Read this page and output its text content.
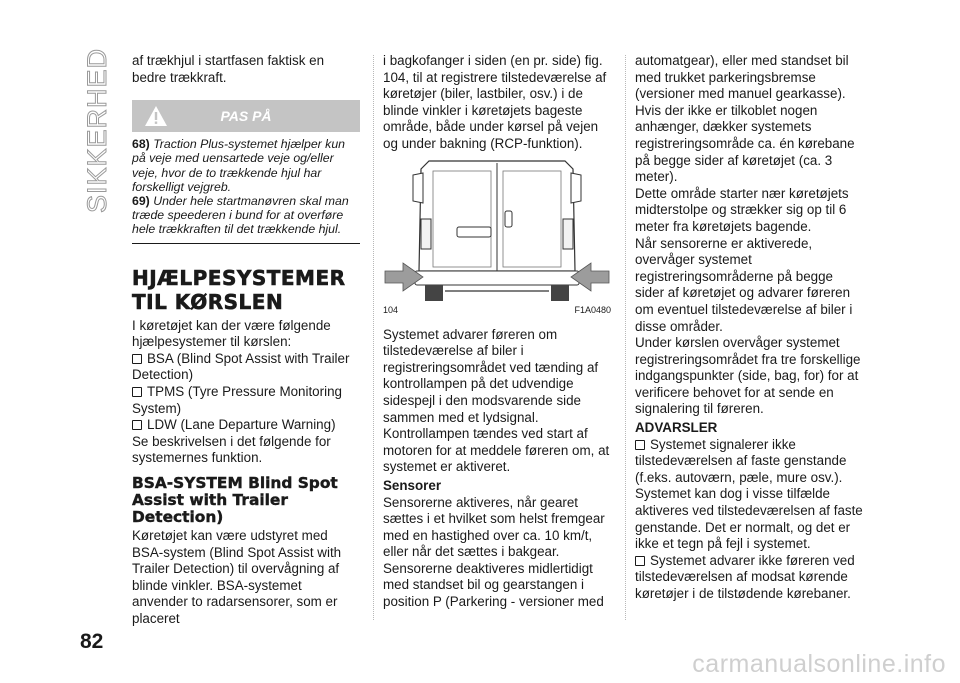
SIKKERHED af trækhjul i startfasen faktisk en bedre trækkraft.

PAS PÅ

68) Traction Plus-systemet hjælper kun på veje med uensartede veje og/eller veje, hvor de to trækkende hjul har forskelligt vejgreb.

69) Under hele startmanøvren skal man træde speederen i bund for at overføre hele trækkraften til det trækkende hjul.

HJÆLPESYSTEMER TIL KØRSLEN

I køretøjet kan der være følgende hjælpesystemer til kørslen:

BSA (Blind Spot Assist with Trailer Detection)

TPMS (Tyre Pressure Monitoring System)

LDW (Lane Departure Warning)

Se beskrivelsen i det følgende for systemernes funktion.

BSA-SYSTEM Blind Spot Assist with Trailer Detection)

Køretøjet kan være udstyret med BSA-system (Blind Spot Assist with Trailer Detection) til overvågning af blinde vinkler. BSA-systemet anvender to radarsensorer, som er placeret

i bagkofanger i siden (en pr. side) fig. 104, til at registrere tilstedeværelse af køretøjer (biler, lastbiler, osv.) i de blinde vinkler i køretøjets bageste område, både under kørsel på vejen og under bakning (RCP-funktion).

104	F1A0480

Systemet advarer føreren om tilstedeværelse af biler i registreringsområdet ved tænding af kontrollampen på det udvendige sidespejl i den modsvarende side sammen med et lydsignal. Kontrollampen tændes ved start af motoren for at meddele føreren om, at systemet er aktiveret.

Sensorer

Sensorerne aktiveres, når gearet sættes i et hvilket som helst fremgear med en hastighed over ca. 10 km/t, eller når det sættes i bakgear. Sensorerne deaktiveres midlertidigt med standset bil og gearstangen i position P (Parkering - versioner med

automatgear), eller med standset bil med trukket parkeringsbremse (versioner med manuel gearkasse).

Hvis der ikke er tilkoblet nogen anhænger, dækker systemets registreringsområde ca. én kørebane på begge sider af køretøjet (ca. 3 meter).

Dette område starter nær køretøjets midterstolpe og strækker sig op til 6 meter fra køretøjets bagende.

Når sensorerne er aktiverede, overvåger systemet registreringsområderne på begge sider af køretøjet og advarer føreren om eventuel tilstedeværelse af biler i disse områder.

Under kørslen overvåger systemet registreringsområdet fra tre forskellige indgangspunkter (side, bag, for) for at verificere behovet for at sende en signalering til føreren.

ADVARSLER

Systemet signalerer ikke tilstedeværelsen af faste genstande (f.eks. autoværn, pæle, mure osv.). Systemet kan dog i visse tilfælde aktiveres ved tilstedeværelsen af faste genstande. Det er normalt, og det er ikke et tegn på fejl i systemet.

Systemet advarer ikke føreren ved tilstedeværelsen af modsat kørende køretøjer i de tilstødende kørebaner.

82
carmanualsonline.info
